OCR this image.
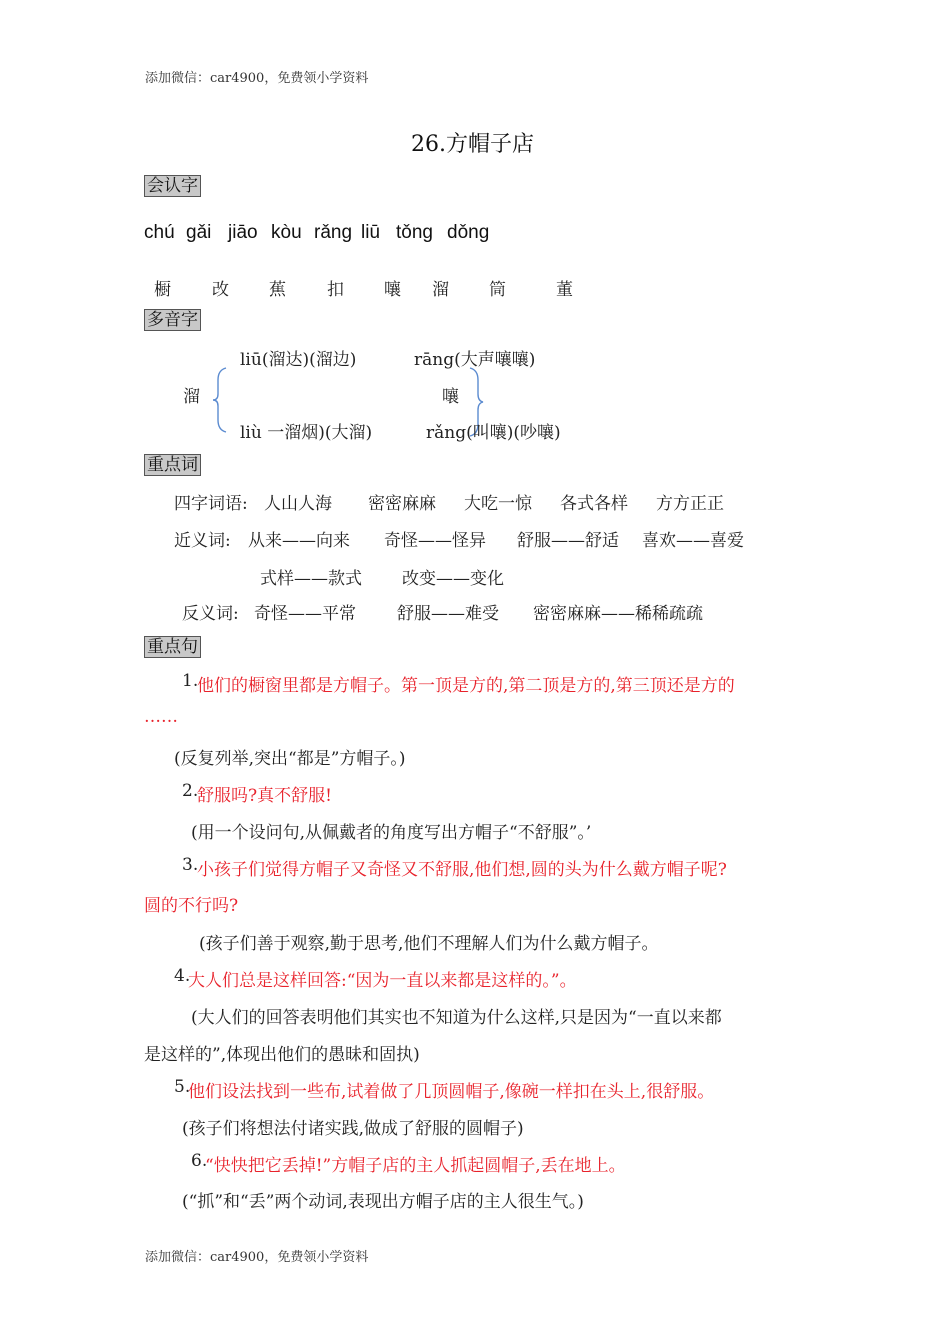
添加微信：car4900，免费领小学资料
26.方帽子店
会认字
chú gǎi jiāo kòu rǎng liū tǒng dǒng
橱 改 蕉 扣 嚷 溜 筒	董
多音字
溜
liū(溜达)(溜边)
liù 一溜烟)(大溜)
嚷
rāng(大声嚷嚷)
rǎng(叫嚷)(吵嚷)
重点词
四字词语: 人山人海 密密麻麻 大吃一惊 各式各样 方方正正
近义词: 从来——向来 奇怪——怪异 舒服——舒适 喜欢——喜爱
式样——款式 改变——变化
反义词: 奇怪——平常 舒服——难受 密密麻麻——稀稀疏疏
重点句
1.
他们的橱窗里都是方帽子。第一顶是方的,第二顶是方的,第三顶还是方的
……
(反复列举,突出“都是”方帽子。)
2.
舒服吗?真不舒服!
(用一个设问句,从佩戴者的角度写出方帽子“不舒服”。’
3.
小孩子们觉得方帽子又奇怪又不舒服,他们想,圆的头为什么戴方帽子呢?
圆的不行吗?
(孩子们善于观察,勤于思考,他们不理解人们为什么戴方帽子。
4.
大人们总是这样回答:“因为一直以来都是这样的。”。
(大人们的回答表明他们其实也不知道为什么这样,只是因为“一直以来都
是这样的”,体现出他们的愚昧和固执)
5.
他们设法找到一些布,试着做了几顶圆帽子,像碗一样扣在头上,很舒服。
(孩子们将想法付诸实践,做成了舒服的圆帽子)
6.
“快快把它丢掉!”方帽子店的主人抓起圆帽子,丢在地上。
(“抓”和“丢”两个动词,表现出方帽子店的主人很生气。)
添加微信：car4900，免费领小学资料
